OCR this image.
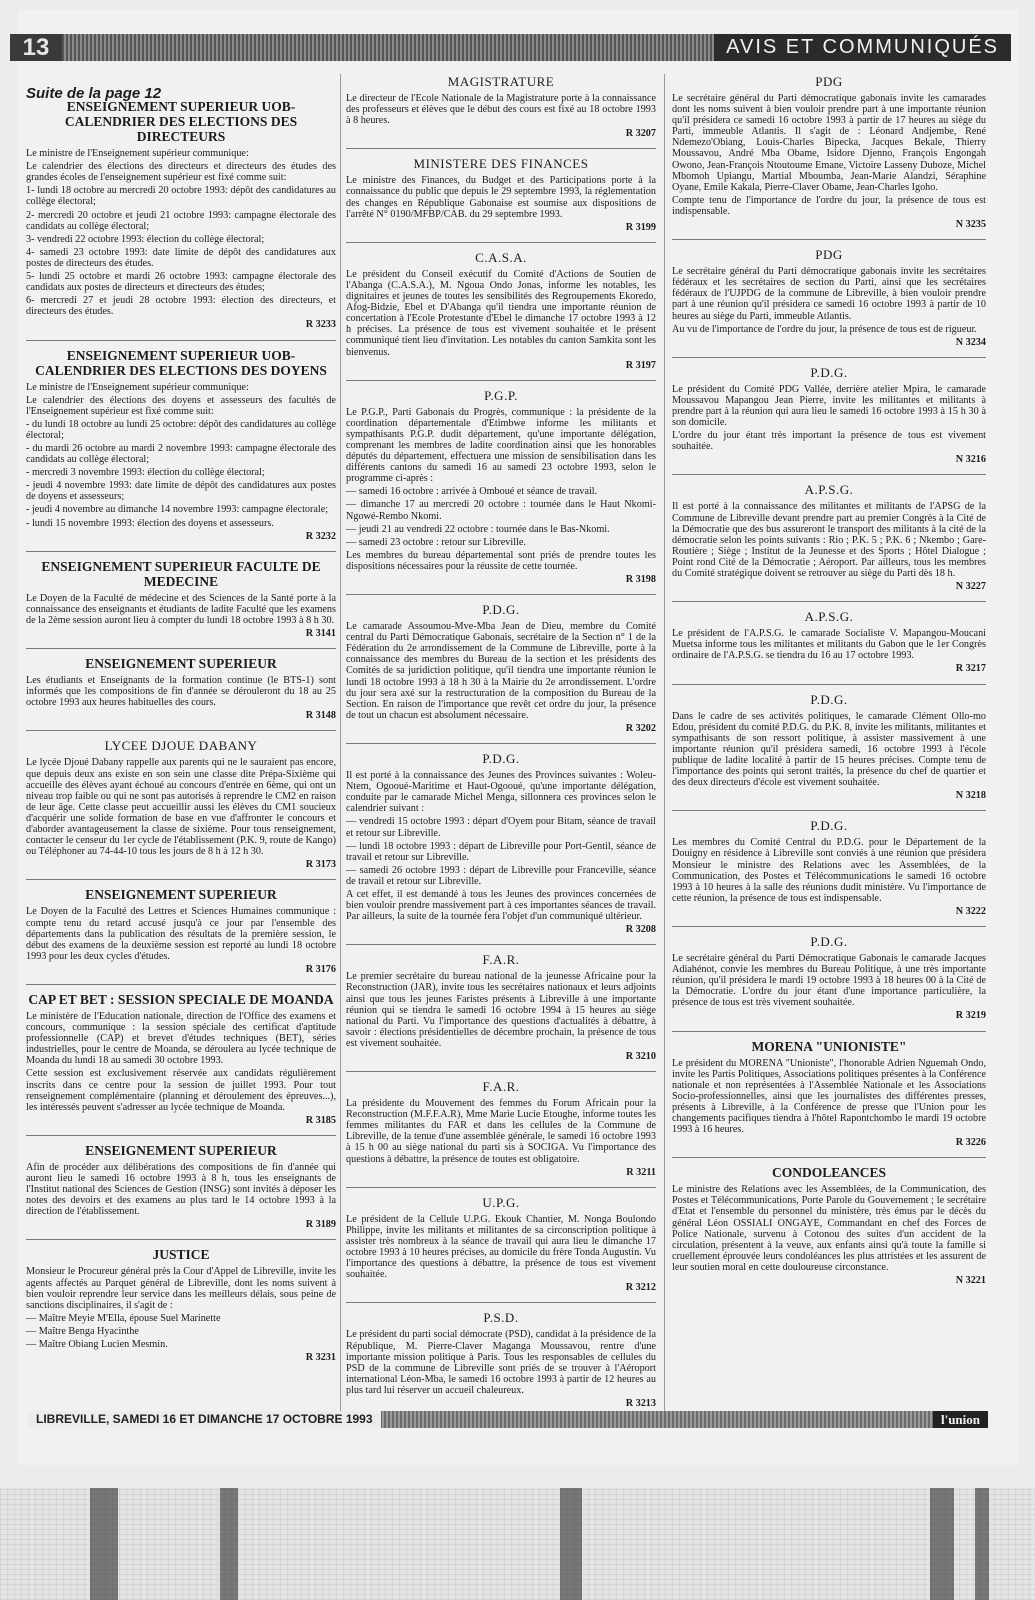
13	AVIS ET COMMUNIQUÉS

Suite de la page 12

ENSEIGNEMENT SUPERIEUR UOB-CALENDRIER DES ELECTIONS DES DIRECTEURS

Le ministre de l'Enseignement supérieur communique:

Le calendrier des élections des directeurs et directeurs des études des grandes écoles de l'enseignement supérieur est fixé comme suit:

1- lundi 18 octobre au mercredi 20 octobre 1993: dépôt des candidatures au collège électoral;

2- mercredi 20 octobre et jeudi 21 octobre 1993: campagne électorale des candidats au collège électoral;

3- vendredi 22 octobre 1993: élection du collège électoral;

4- samedi 23 octobre 1993: date limite de dépôt des candidatures aux postes de directeurs des études.

5- lundi 25 octobre et mardi 26 octobre 1993: campagne électorale des candidats aux postes de directeurs et directeurs des études;

6- mercredi 27 et jeudi 28 octobre 1993: élection des directeurs, et directeurs des études.

R 3233

ENSEIGNEMENT SUPERIEUR UOB-CALENDRIER DES ELECTIONS DES DOYENS

Le ministre de l'Enseignement supérieur communique:

Le calendrier des élections des doyens et assesseurs des facultés de l'Enseignement supérieur est fixé comme suit:

- du lundi 18 octobre au lundi 25 octobre: dépôt des candidatures au collège électoral;

- du mardi 26 octobre au mardi 2 novembre 1993: campagne électorale des candidats au collège électoral;

- mercredi 3 novembre 1993: élection du collège électoral;

- jeudi 4 novembre 1993: date limite de dépôt des candidatures aux postes de doyens et assesseurs;

- jeudi 4 novembre au dimanche 14 novembre 1993: campagne électorale;

- lundi 15 novembre 1993: élection des doyens et assesseurs.

R 3232

ENSEIGNEMENT SUPERIEUR FACULTE DE MEDECINE

Le Doyen de la Faculté de médecine et des Sciences de la Santé porte à la connaissance des enseignants et étudiants de ladite Faculté que les examens de la 2ème session auront lieu à compter du lundi 18 octobre 1993 à 8 h 30.

R 3141

ENSEIGNEMENT SUPERIEUR

Les étudiants et Enseignants de la formation continue (le BTS-1) sont informés que les compositions de fin d'année se dérouleront du 18 au 25 octobre 1993 aux heures habituelles des cours.

R 3148

LYCEE DJOUE DABANY

Le lycée Djoué Dabany rappelle aux parents qui ne le sauraient pas encore, que depuis deux ans existe en son sein une classe dite Prépa-Sixième qui accueille des élèves ayant échoué au concours d'entrée en 6ème, qui ont un niveau trop faible ou qui ne sont pas autorisés à reprendre le CM2 en raison de leur âge. Cette classe peut accueillir aussi les élèves du CM1 soucieux d'acquérir une solide formation de base en vue d'affronter le concours et d'aborder avantageusement la classe de sixième. Pour tous renseignement, contacter le censeur du 1er cycle de l'établissement (P.K. 9, route de Kango) ou Téléphoner au 74-44-10 tous les jours de 8 h à 12 h 30.

R 3173

ENSEIGNEMENT SUPERIEUR

Le Doyen de la Faculté des Lettres et Sciences Humaines communique : compte tenu du retard accusé jusqu'à ce jour par l'ensemble des départements dans la publication des résultats de la première session, le début des examens de la deuxième session est reporté au lundi 18 octobre 1993 pour les deux cycles d'études.

R 3176

CAP ET BET : SESSION SPECIALE DE MOANDA

Le ministère de l'Education nationale, direction de l'Office des examens et concours, communique : la session spéciale des certificat d'aptitude professionnelle (CAP) et brevet d'études techniques (BET), séries industrielles, pour le centre de Moanda, se déroulera au lycée technique de Moanda du lundi 18 au samedi 30 octobre 1993.

Cette session est exclusivement réservée aux candidats régulièrement inscrits dans ce centre pour la session de juillet 1993. Pour tout renseignement complémentaire (planning et déroulement des épreuves...), les intéressés peuvent s'adresser au lycée technique de Moanda.

R 3185

ENSEIGNEMENT SUPERIEUR

Afin de procéder aux délibérations des compositions de fin d'année qui auront lieu le samedi 16 octobre 1993 à 8 h, tous les enseignants de l'Institut national des Sciences de Gestion (INSG) sont invités à déposer les notes des devoirs et des examens au plus tard le 14 octobre 1993 à la direction de l'établissement.

R 3189

JUSTICE

Monsieur le Procureur général près la Cour d'Appel de Libreville, invite les agents affectés au Parquet général de Libreville, dont les noms suivent à bien vouloir reprendre leur service dans les meilleurs délais, sous peine de sanctions disciplinaires, il s'agit de :

— Maître Meyie M'Ella, épouse Suel Marinette

— Maître Benga Hyacinthe

— Maître Obiang Lucien Mesmin.

R 3231

MAGISTRATURE

Le directeur de l'Ecole Nationale de la Magistrature porte à la connaissance des professeurs et élèves que le début des cours est fixé au 18 octobre 1993 à 8 heures.

R 3207

MINISTERE DES FINANCES

Le ministre des Finances, du Budget et des Participations porte à la connaissance du public que depuis le 29 septembre 1993, la réglementation des changes en République Gabonaise est soumise aux dispositions de l'arrêté N° 0190/MFBP/CAB. du 29 septembre 1993.

R 3199

C.A.S.A.

Le président du Conseil exécutif du Comité d'Actions de Soutien de l'Abanga (C.A.S.A.), M. Ngoua Ondo Jonas, informe les notables, les dignitaires et jeunes de toutes les sensibilités des Regroupements Ekoredo, Afog-Bidzie, Ebel et D'Abanga qu'il tiendra une importante réunion de concertation à l'Ecole Protestante d'Ebel le dimanche 17 octobre 1993 à 12 h précises. La présence de tous est vivement souhaitée et le présent communiqué tient lieu d'invitation. Les notables du canton Samkita sont les bienvenus.

R 3197

P.G.P.

Le P.G.P., Parti Gabonais du Progrès, communique : la présidente de la coordination départementale d'Etimbwe informe les militants et sympathisants P.G.P. dudit département, qu'une importante délégation, comprenant les membres de ladite coordination ainsi que les honorables députés du département, effectuera une mission de sensibilisation dans les différents cantons du samedi 16 au samedi 23 octobre 1993, selon le programme ci-après :

— samedi 16 octobre : arrivée à Omboué et séance de travail.

— dimanche 17 au mercredi 20 octobre : tournée dans le Haut Nkomi-Ngowé-Rembo Nkomi.

— jeudi 21 au vendredi 22 octobre : tournée dans le Bas-Nkomi.

— samedi 23 octobre : retour sur Libreville.

Les membres du bureau départemental sont priés de prendre toutes les dispositions nécessaires pour la réussite de cette tournée.

R 3198

P.D.G.

Le camarade Assoumou-Mve-Mba Jean de Dieu, membre du Comité central du Parti Démocratique Gabonais, secrétaire de la Section n° 1 de la Fédération du 2e arrondissement de la Commune de Libreville, porte à la connaissance des membres du Bureau de la section et les présidents des Comités de sa juridiction politique, qu'il tiendra une importante réunion le lundi 18 octobre 1993 à 18 h 30 à la Mairie du 2e arrondissement. L'ordre du jour sera axé sur la restructuration de la composition du Bureau de la Section. En raison de l'importance que revêt cet ordre du jour, la présence de tout un chacun est absolument nécessaire.

R 3202

P.D.G.

Il est porté à la connaissance des Jeunes des Provinces suivantes : Woleu-Ntem, Ogooué-Maritime et Haut-Ogooué, qu'une importante délégation, conduite par le camarade Michel Menga, sillonnera ces provinces selon le calendrier suivant :

— vendredi 15 octobre 1993 : départ d'Oyem pour Bitam, séance de travail et retour sur Libreville.

— lundi 18 octobre 1993 : départ de Libreville pour Port-Gentil, séance de travail et retour sur Libreville.

— samedi 26 octobre 1993 : départ de Libreville pour Franceville, séance de travail et retour sur Libreville.

A cet effet, il est demandé à tous les Jeunes des provinces concernées de bien vouloir prendre massivement part à ces importantes séances de travail. Par ailleurs, la suite de la tournée fera l'objet d'un communiqué ultérieur.

R 3208

F.A.R.

Le premier secrétaire du bureau national de la jeunesse Africaine pour la Reconstruction (JAR), invite tous les secrétaires nationaux et leurs adjoints ainsi que tous les jeunes Faristes présents à Libreville à une importante réunion qui se tiendra le samedi 16 octobre 1994 à 15 heures au siège national du Parti. Vu l'importance des questions d'actualités à débattre, à savoir : élections présidentielles de décembre prochain, la présence de tous est vivement souhaitée.

R 3210

F.A.R.

La présidente du Mouvement des femmes du Forum Africain pour la Reconstruction (M.F.F.A.R), Mme Marie Lucie Etoughe, informe toutes les femmes militantes du FAR et dans les cellules de la Commune de Libreville, de la tenue d'une assemblée générale, le samedi 16 octobre 1993 à 15 h 00 au siège national du parti sis à SOCIGA. Vu l'importance des questions à débattre, la présence de toutes est obligatoire.

R 3211

U.P.G.

Le président de la Cellule U.P.G. Ekouk Chantier, M. Nonga Boulondo Philippe, invite les militants et militantes de sa circonscription politique à assister très nombreux à la séance de travail qui aura lieu le dimanche 17 octobre 1993 à 10 heures précises, au domicile du frère Tonda Augustin. Vu l'importance des questions à débattre, la présence de tous est vivement souhaitée.

R 3212

P.S.D.

Le président du parti social démocrate (PSD), candidat à la présidence de la République, M. Pierre-Claver Maganga Moussavou, rentre d'une importante mission politique à Paris. Tous les responsables de cellules du PSD de la commune de Libreville sont priés de se trouver à l'Aéroport international Léon-Mba, le samedi 16 octobre 1993 à partir de 12 heures au plus tard lui réserver un accueil chaleureux.

R 3213

PDG

Le secrétaire général du Parti démocratique gabonais invite les camarades dont les noms suivent à bien vouloir prendre part à une importante réunion qu'il présidera ce samedi 16 octobre 1993 à partir de 17 heures au siège du Parti, immeuble Atlantis. Il s'agit de : Léonard Andjembe, René Ndemezo'Obiang, Louis-Charles Bipecka, Jacques Bekale, Thierry Moussavou, André Mba Obame, Isidore Djenno, François Engongah Owono, Jean-François Ntoutoume Emane, Victoire Lasseny Duboze, Michel Mbomoh Upiangu, Martial Mboumba, Jean-Marie Alandzi, Séraphine Oyane, Emile Kakala, Pierre-Claver Obame, Jean-Charles Igoho.

Compte tenu de l'importance de l'ordre du jour, la présence de tous est indispensable.

N 3235

PDG

Le secrétaire général du Parti démocratique gabonais invite les secrétaires fédéraux et les secrétaires de section du Parti, ainsi que les secrétaires fédéraux de l'UJPDG de la commune de Libreville, à bien vouloir prendre part à une réunion qu'il présidera ce samedi 16 octobre 1993 à partir de 10 heures au siège du Parti, immeuble Atlantis.

Au vu de l'importance de l'ordre du jour, la présence de tous est de rigueur.

N 3234

P.D.G.

Le président du Comité PDG Vallée, derrière atelier Mpira, le camarade Moussavou Mapangou Jean Pierre, invite les militantes et militants à prendre part à la réunion qui aura lieu le samedi 16 octobre 1993 à 15 h 30 à son domicile.

L'ordre du jour étant très important la présence de tous est vivement souhaitée.

N 3216

A.P.S.G.

Il est porté à la connaissance des militantes et militants de l'APSG de la Commune de Libreville devant prendre part au premier Congrès à la Cité de la Démocratie que des bus assureront le transport des militants à la cité de la démocratie selon les points suivants : Rio ; P.K. 5 ; P.K. 6 ; Nkembo ; Gare-Routière ; Siège ; Institut de la Jeunesse et des Sports ; Hôtel Dialogue ; Point rond Cité de la Démocratie ; Aéroport. Par ailleurs, tous les membres du Comité stratégique doivent se retrouver au siège du Parti dès 18 h.

N 3227

A.P.S.G.

Le président de l'A.P.S.G. le camarade Socialiste V. Mapangou-Moucani Muetsa informe tous les militantes et militants du Gabon que le 1er Congrès ordinaire de l'A.P.S.G. se tiendra du 16 au 17 octobre 1993.

R 3217

P.D.G.

Dans le cadre de ses activités politiques, le camarade Clément Ollo-mo Edou, président du comité P.D.G. du P.K. 8, invite les militants, militantes et sympathisants de son ressort politique, à assister massivement à une importante réunion qu'il présidera samedi, 16 octobre 1993 à l'école publique de ladite localité à partir de 15 heures précises. Compte tenu de l'importance des points qui seront traités, la présence du chef de quartier et des deux directeurs d'école est vivement souhaitée.

N 3218

P.D.G.

Les membres du Comité Central du P.D.G. pour le Département de la Douigny en résidence à Libreville sont conviés à une réunion que présidera Monsieur le ministre des Relations avec les Assemblées, de la Communication, des Postes et Télécommunications le samedi 16 octobre 1993 à 10 heures à la salle des réunions dudit ministère. Vu l'importance de cette réunion, la présence de tous est indispensable.

N 3222

P.D.G.

Le secrétaire général du Parti Démocratique Gabonais le camarade Jacques Adiahénot, convie les membres du Bureau Politique, à une très importante réunion, qu'il présidera le mardi 19 octobre 1993 à 18 heures 00 à la Cité de la Démocratie. L'ordre du jour étant d'une importance particulière, la présence de tous est très vivement souhaitée.

R 3219

MORENA "UNIONISTE"

Le président du MORENA "Unioniste", l'honorable Adrien Nguemah Ondo, invite les Partis Politiques, Associations politiques présentes à la Conférence nationale et non représentées à l'Assemblée Nationale et les Associations Socio-professionnelles, ainsi que les journalistes des différentes presses, présents à Libreville, à la Conférence de presse que l'Union pour les changements pacifiques tiendra à l'hôtel Rapontchombo le mardi 19 octobre 1993 à 16 heures.

R 3226

CONDOLEANCES

Le ministre des Relations avec les Assemblées, de la Communication, des Postes et Télécommunications, Porte Parole du Gouvernement ; le secrétaire d'Etat et l'ensemble du personnel du ministère, très émus par le décès du général Léon OSSIALI ONGAYE, Commandant en chef des Forces de Police Nationale, survenu à Cotonou des suites d'un accident de la circulation, présentent à la veuve, aux enfants ainsi qu'à toute la famille si cruellement éprouvée leurs condoléances les plus attristées et les assurent de leur soutien moral en cette douloureuse circonstance.

N 3221

LIBREVILLE, SAMEDI 16 ET DIMANCHE 17 OCTOBRE 1993	l'union
